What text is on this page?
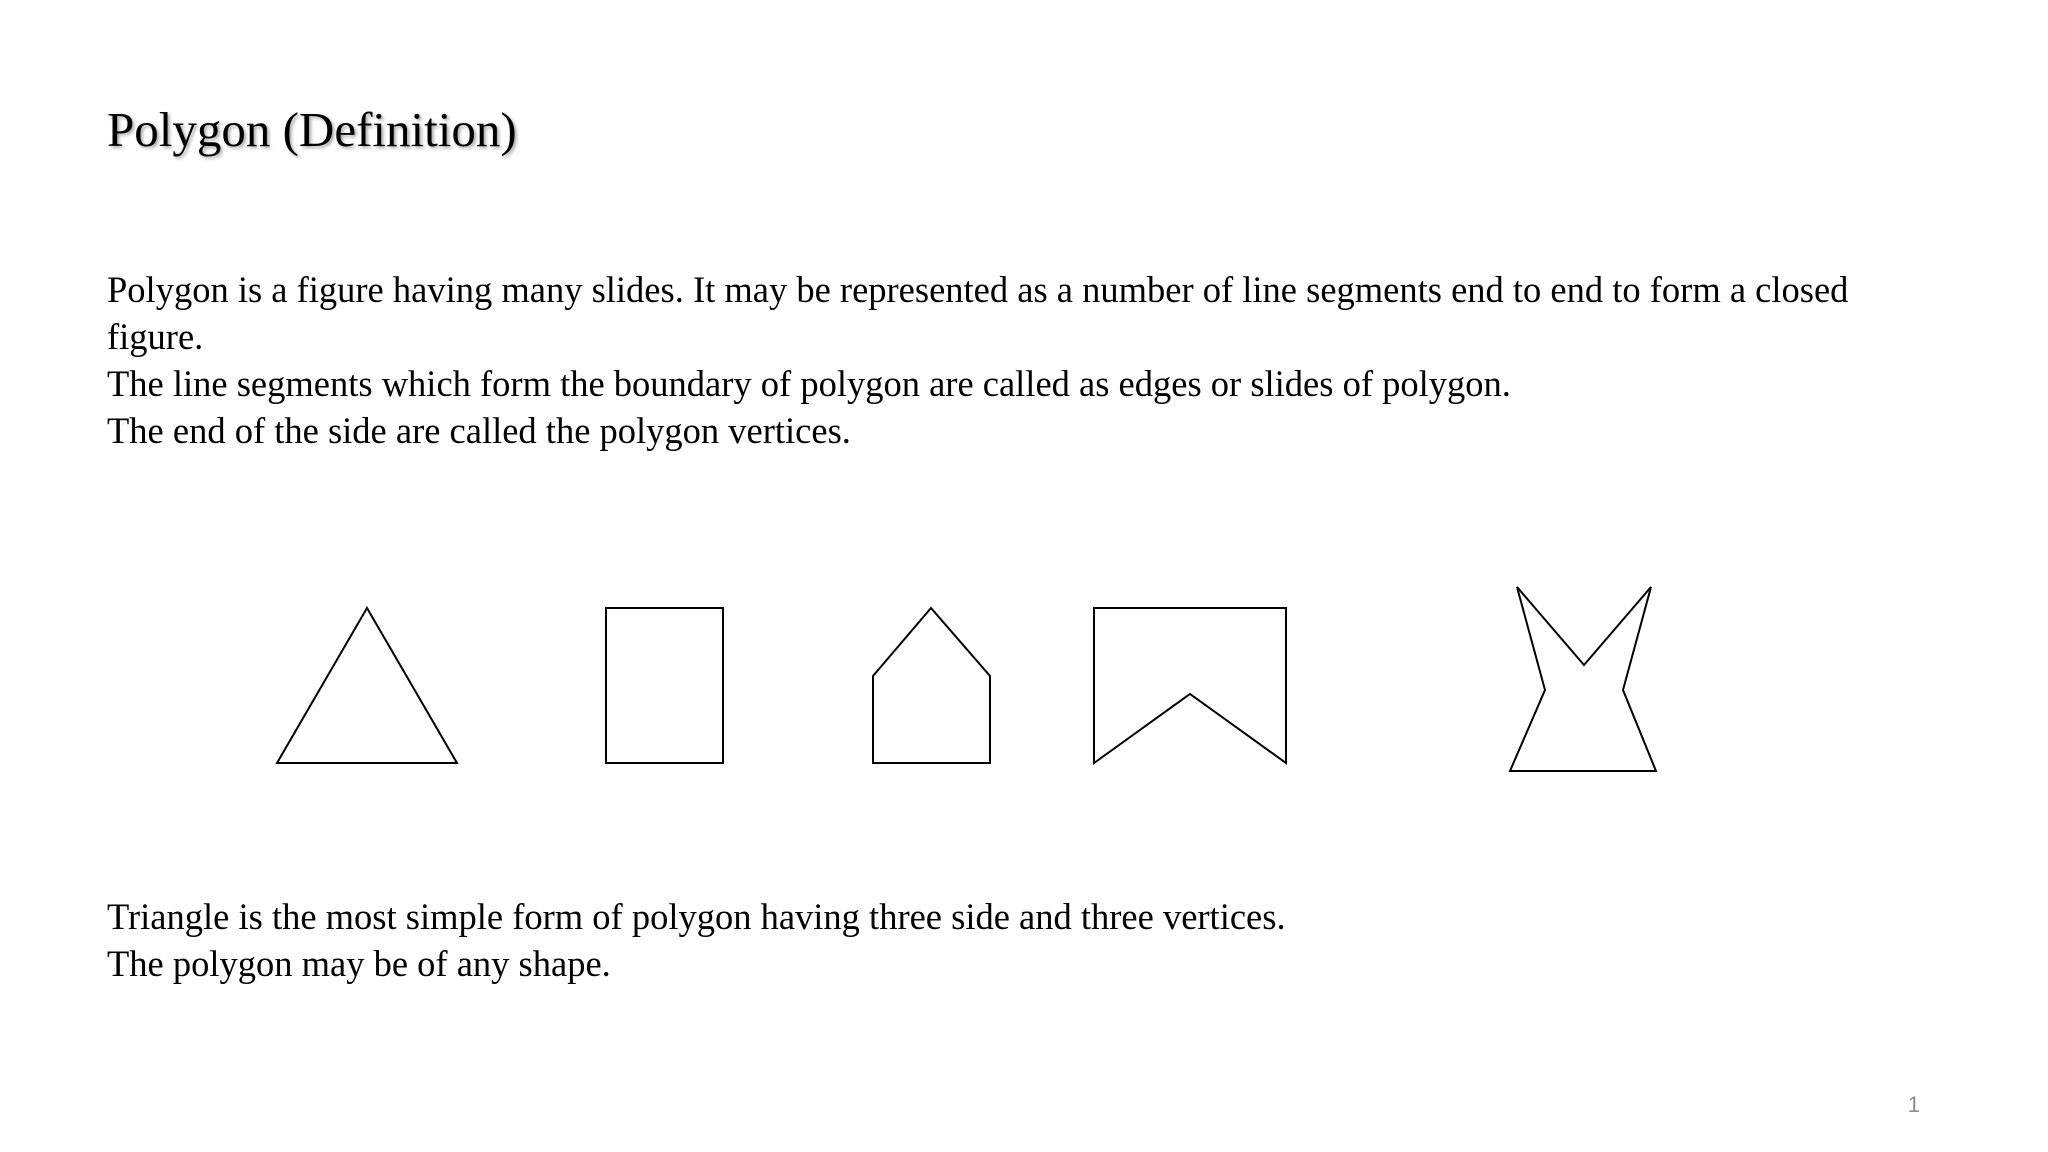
Polygon (Definition)

Polygon is a figure having many slides. It may be represented as a number of line segments end to end to form a closed figure.

The line segments which form the boundary of polygon are called as edges or slides of polygon.

The end of the side are called the polygon vertices.

Triangle is the most simple form of polygon having three side and three vertices.

The polygon may be of any shape.

1
